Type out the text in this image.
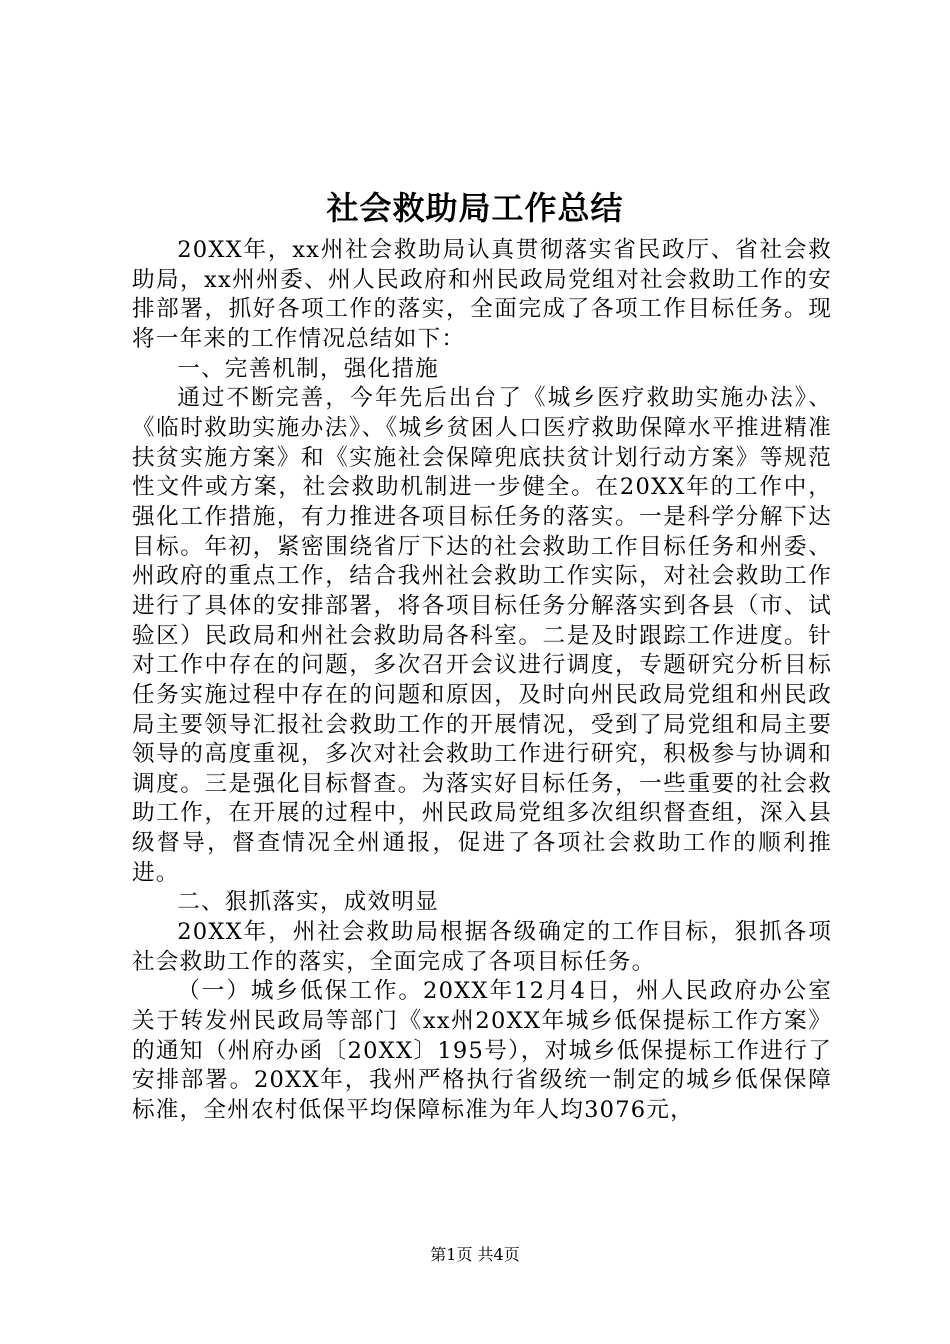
社会救助局工作总结

20XX年，xx州社会救助局认真贯彻落实省民政厅、省社会救助局，xx州州委、州人民政府和州民政局党组对社会救助工作的安排部署，抓好各项工作的落实，全面完成了各项工作目标任务。现将一年来的工作情况总结如下：

一、完善机制，强化措施

通过不断完善，今年先后出台了《城乡医疗救助实施办法》、《临时救助实施办法》、《城乡贫困人口医疗救助保障水平推进精准扶贫实施方案》和《实施社会保障兜底扶贫计划行动方案》等规范性文件或方案，社会救助机制进一步健全。在20XX年的工作中，强化工作措施，有力推进各项目标任务的落实。一是科学分解下达目标。年初，紧密围绕省厅下达的社会救助工作目标任务和州委、州政府的重点工作，结合我州社会救助工作实际，对社会救助工作进行了具体的安排部署，将各项目标任务分解落实到各县（市、试验区）民政局和州社会救助局各科室。二是及时跟踪工作进度。针对工作中存在的问题，多次召开会议进行调度，专题研究分析目标任务实施过程中存在的问题和原因，及时向州民政局党组和州民政局主要领导汇报社会救助工作的开展情况，受到了局党组和局主要领导的高度重视，多次对社会救助工作进行研究，积极参与协调和调度。三是强化目标督查。为落实好目标任务，一些重要的社会救助工作，在开展的过程中，州民政局党组多次组织督查组，深入县级督导，督查情况全州通报，促进了各项社会救助工作的顺利推进。

二、狠抓落实，成效明显

20XX年，州社会救助局根据各级确定的工作目标，狠抓各项社会救助工作的落实，全面完成了各项目标任务。

（一）城乡低保工作。20XX年12月4日，州人民政府办公室关于转发州民政局等部门《xx州20XX年城乡低保提标工作方案》的通知（州府办函〔20XX〕195号），对城乡低保提标工作进行了安排部署。20XX年，我州严格执行省级统一制定的城乡低保保障标准，全州农村低保平均保障标准为年人均3076元，

第1页 共4页
